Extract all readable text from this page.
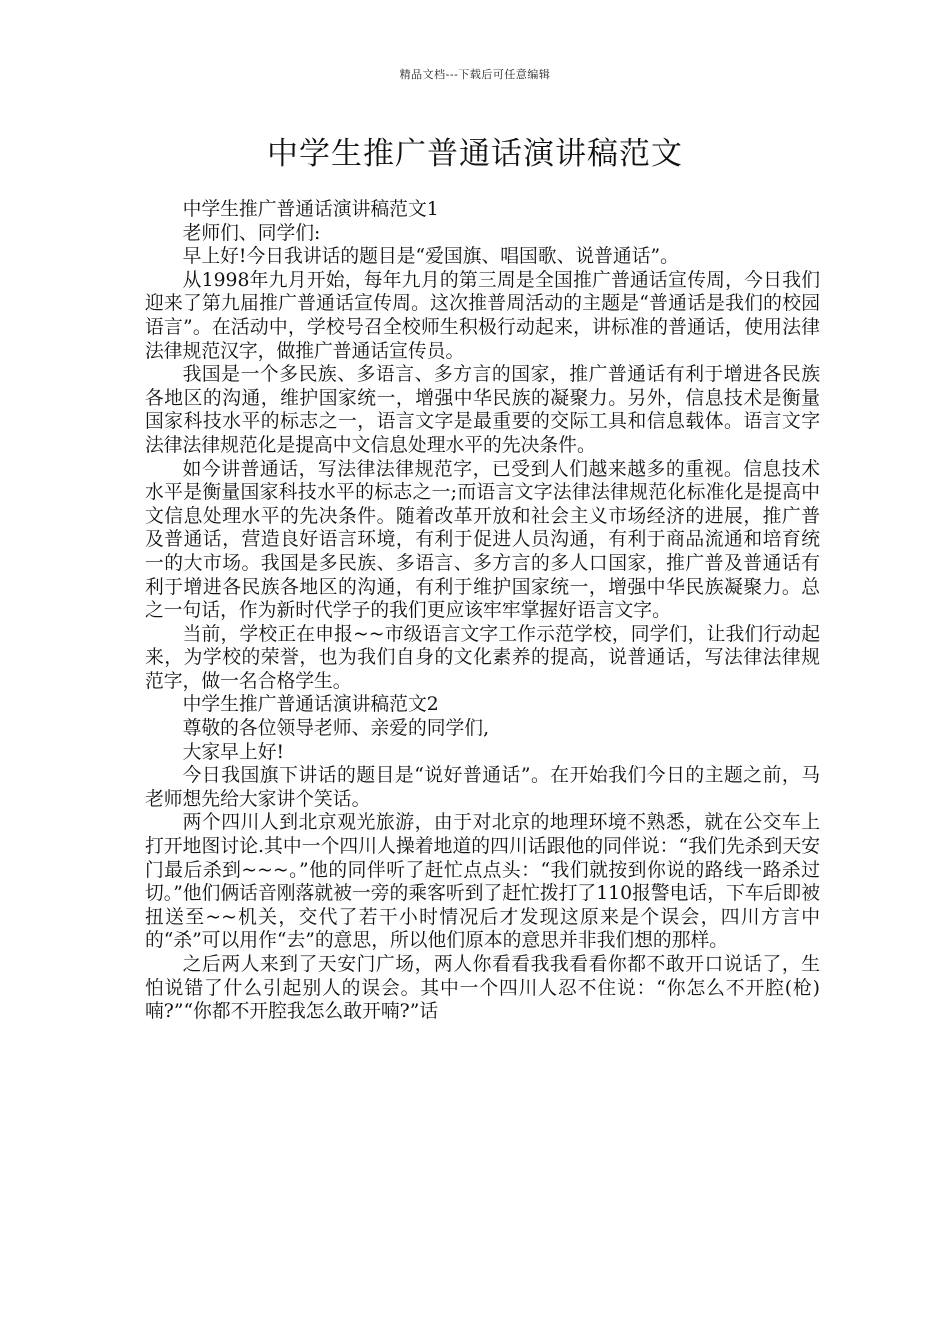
精品文档---下载后可任意编辑
中学生推广普通话演讲稿范文

中学生推广普通话演讲稿范文1

老师们、同学们:

早上好!今日我讲话的题目是“爱国旗、唱国歌、说普通话”。

从1998年九月开始，每年九月的第三周是全国推广普通话宣传周，今日我们迎来了第九届推广普通话宣传周。这次推普周活动的主题是“普通话是我们的校园语言”。在活动中，学校号召全校师生积极行动起来，讲标准的普通话，使用法律法律规范汉字，做推广普通话宣传员。

我国是一个多民族、多语言、多方言的国家，推广普通话有利于增进各民族各地区的沟通，维护国家统一，增强中华民族的凝聚力。另外，信息技术是衡量国家科技水平的标志之一，语言文字是最重要的交际工具和信息载体。语言文字法律法律规范化是提高中文信息处理水平的先决条件。

如今讲普通话，写法律法律规范字，已受到人们越来越多的重视。信息技术水平是衡量国家科技水平的标志之一;而语言文字法律法律规范化标准化是提高中文信息处理水平的先决条件。随着改革开放和社会主义市场经济的进展，推广普及普通话，营造良好语言环境，有利于促进人员沟通，有利于商品流通和培育统一的大市场。我国是多民族、多语言、多方言的多人口国家，推广普及普通话有利于增进各民族各地区的沟通，有利于维护国家统一，增强中华民族凝聚力。总之一句话，作为新时代学子的我们更应该牢牢掌握好语言文字。

当前，学校正在申报~~市级语言文字工作示范学校，同学们，让我们行动起来，为学校的荣誉，也为我们自身的文化素养的提高，说普通话，写法律法律规范字，做一名合格学生。

中学生推广普通话演讲稿范文2

尊敬的各位领导老师、亲爱的同学们,

大家早上好!

今日我国旗下讲话的题目是“说好普通话”。在开始我们今日的主题之前，马老师想先给大家讲个笑话。

两个四川人到北京观光旅游，由于对北京的地理环境不熟悉，就在公交车上打开地图讨论.其中一个四川人操着地道的四川话跟他的同伴说：“我们先杀到天安门最后杀到~~~。”他的同伴听了赶忙点点头：“我们就按到你说的路线一路杀过切。”他们俩话音刚落就被一旁的乘客听到了赶忙拨打了110报警电话，下车后即被扭送至~~机关，交代了若干小时情况后才发现这原来是个误会，四川方言中的“杀”可以用作“去”的意思，所以他们原本的意思并非我们想的那样。

之后两人来到了天安门广场，两人你看看我我看看你都不敢开口说话了，生怕说错了什么引起别人的误会。其中一个四川人忍不住说：“你怎么不开腔(枪)喃?”“你都不开腔我怎么敢开喃?”话
